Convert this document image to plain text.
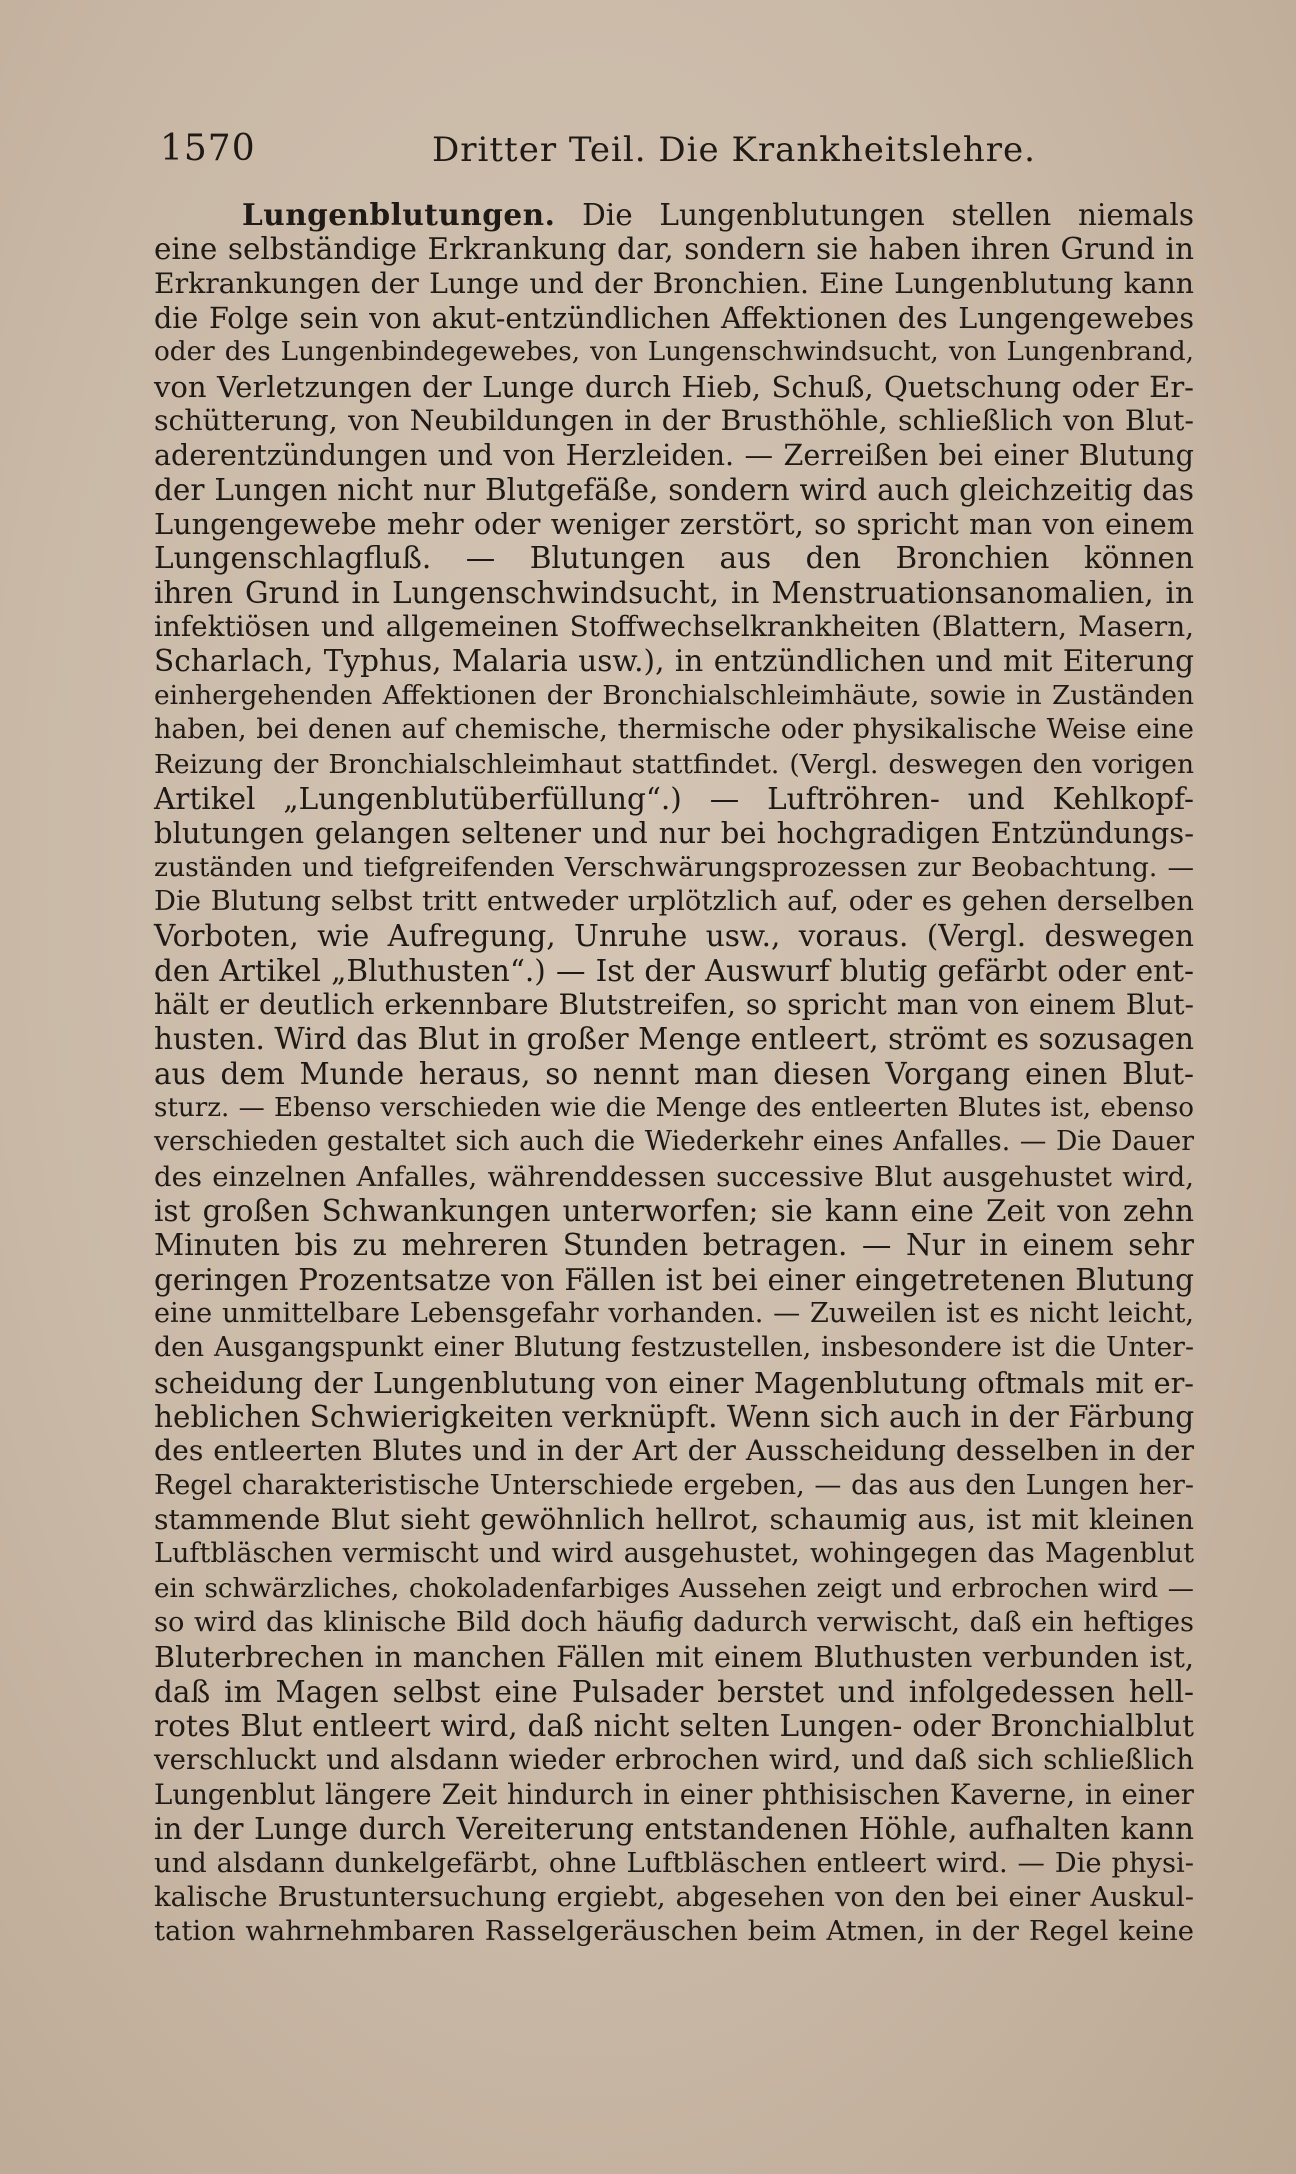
1570	Dritter Teil. Die Krankheitslehre.
Lungenblutungen. Die Lungenblutungen stellen niemals
eine selbständige Erkrankung dar, sondern sie haben ihren Grund in
Erkrankungen der Lunge und der Bronchien. Eine Lungenblutung kann
die Folge sein von akut-entzündlichen Affektionen des Lungengewebes
oder des Lungenbindegewebes, von Lungenschwindsucht, von Lungenbrand,
von Verletzungen der Lunge durch Hieb, Schuß, Quetschung oder Er-
schütterung, von Neubildungen in der Brusthöhle, schließlich von Blut-
aderentzündungen und von Herzleiden. — Zerreißen bei einer Blutung
der Lungen nicht nur Blutgefäße, sondern wird auch gleichzeitig das
Lungengewebe mehr oder weniger zerstört, so spricht man von einem
Lungenschlagfluß. — Blutungen aus den Bronchien können
ihren Grund in Lungenschwindsucht, in Menstruationsanomalien, in
infektiösen und allgemeinen Stoffwechselkrankheiten (Blattern, Masern,
Scharlach, Typhus, Malaria usw.), in entzündlichen und mit Eiterung
einhergehenden Affektionen der Bronchialschleimhäute, sowie in Zuständen
haben, bei denen auf chemische, thermische oder physikalische Weise eine
Reizung der Bronchialschleimhaut stattfindet. (Vergl. deswegen den vorigen
Artikel „Lungenblutüberfüllung“.) — Luftröhren- und Kehlkopf-
blutungen gelangen seltener und nur bei hochgradigen Entzündungs-
zuständen und tiefgreifenden Verschwärungsprozessen zur Beobachtung. —
Die Blutung selbst tritt entweder urplötzlich auf, oder es gehen derselben
Vorboten, wie Aufregung, Unruhe usw., voraus. (Vergl. deswegen
den Artikel „Bluthusten“.) — Ist der Auswurf blutig gefärbt oder ent-
hält er deutlich erkennbare Blutstreifen, so spricht man von einem Blut-
husten. Wird das Blut in großer Menge entleert, strömt es sozusagen
aus dem Munde heraus, so nennt man diesen Vorgang einen Blut-
sturz. — Ebenso verschieden wie die Menge des entleerten Blutes ist, ebenso
verschieden gestaltet sich auch die Wiederkehr eines Anfalles. — Die Dauer
des einzelnen Anfalles, währenddessen successive Blut ausgehustet wird,
ist großen Schwankungen unterworfen; sie kann eine Zeit von zehn
Minuten bis zu mehreren Stunden betragen. — Nur in einem sehr
geringen Prozentsatze von Fällen ist bei einer eingetretenen Blutung
eine unmittelbare Lebensgefahr vorhanden. — Zuweilen ist es nicht leicht,
den Ausgangspunkt einer Blutung festzustellen, insbesondere ist die Unter-
scheidung der Lungenblutung von einer Magenblutung oftmals mit er-
heblichen Schwierigkeiten verknüpft. Wenn sich auch in der Färbung
des entleerten Blutes und in der Art der Ausscheidung desselben in der
Regel charakteristische Unterschiede ergeben, — das aus den Lungen her-
stammende Blut sieht gewöhnlich hellrot, schaumig aus, ist mit kleinen
Luftbläschen vermischt und wird ausgehustet, wohingegen das Magenblut
ein schwärzliches, chokoladenfarbiges Aussehen zeigt und erbrochen wird —
so wird das klinische Bild doch häufig dadurch verwischt, daß ein heftiges
Bluterbrechen in manchen Fällen mit einem Bluthusten verbunden ist,
daß im Magen selbst eine Pulsader berstet und infolgedessen hell-
rotes Blut entleert wird, daß nicht selten Lungen- oder Bronchialblut
verschluckt und alsdann wieder erbrochen wird, und daß sich schließlich
Lungenblut längere Zeit hindurch in einer phthisischen Kaverne, in einer
in der Lunge durch Vereiterung entstandenen Höhle, aufhalten kann
und alsdann dunkelgefärbt, ohne Luftbläschen entleert wird. — Die physi-
kalische Brustuntersuchung ergiebt, abgesehen von den bei einer Auskul-
tation wahrnehmbaren Rasselgeräuschen beim Atmen, in der Regel keine
